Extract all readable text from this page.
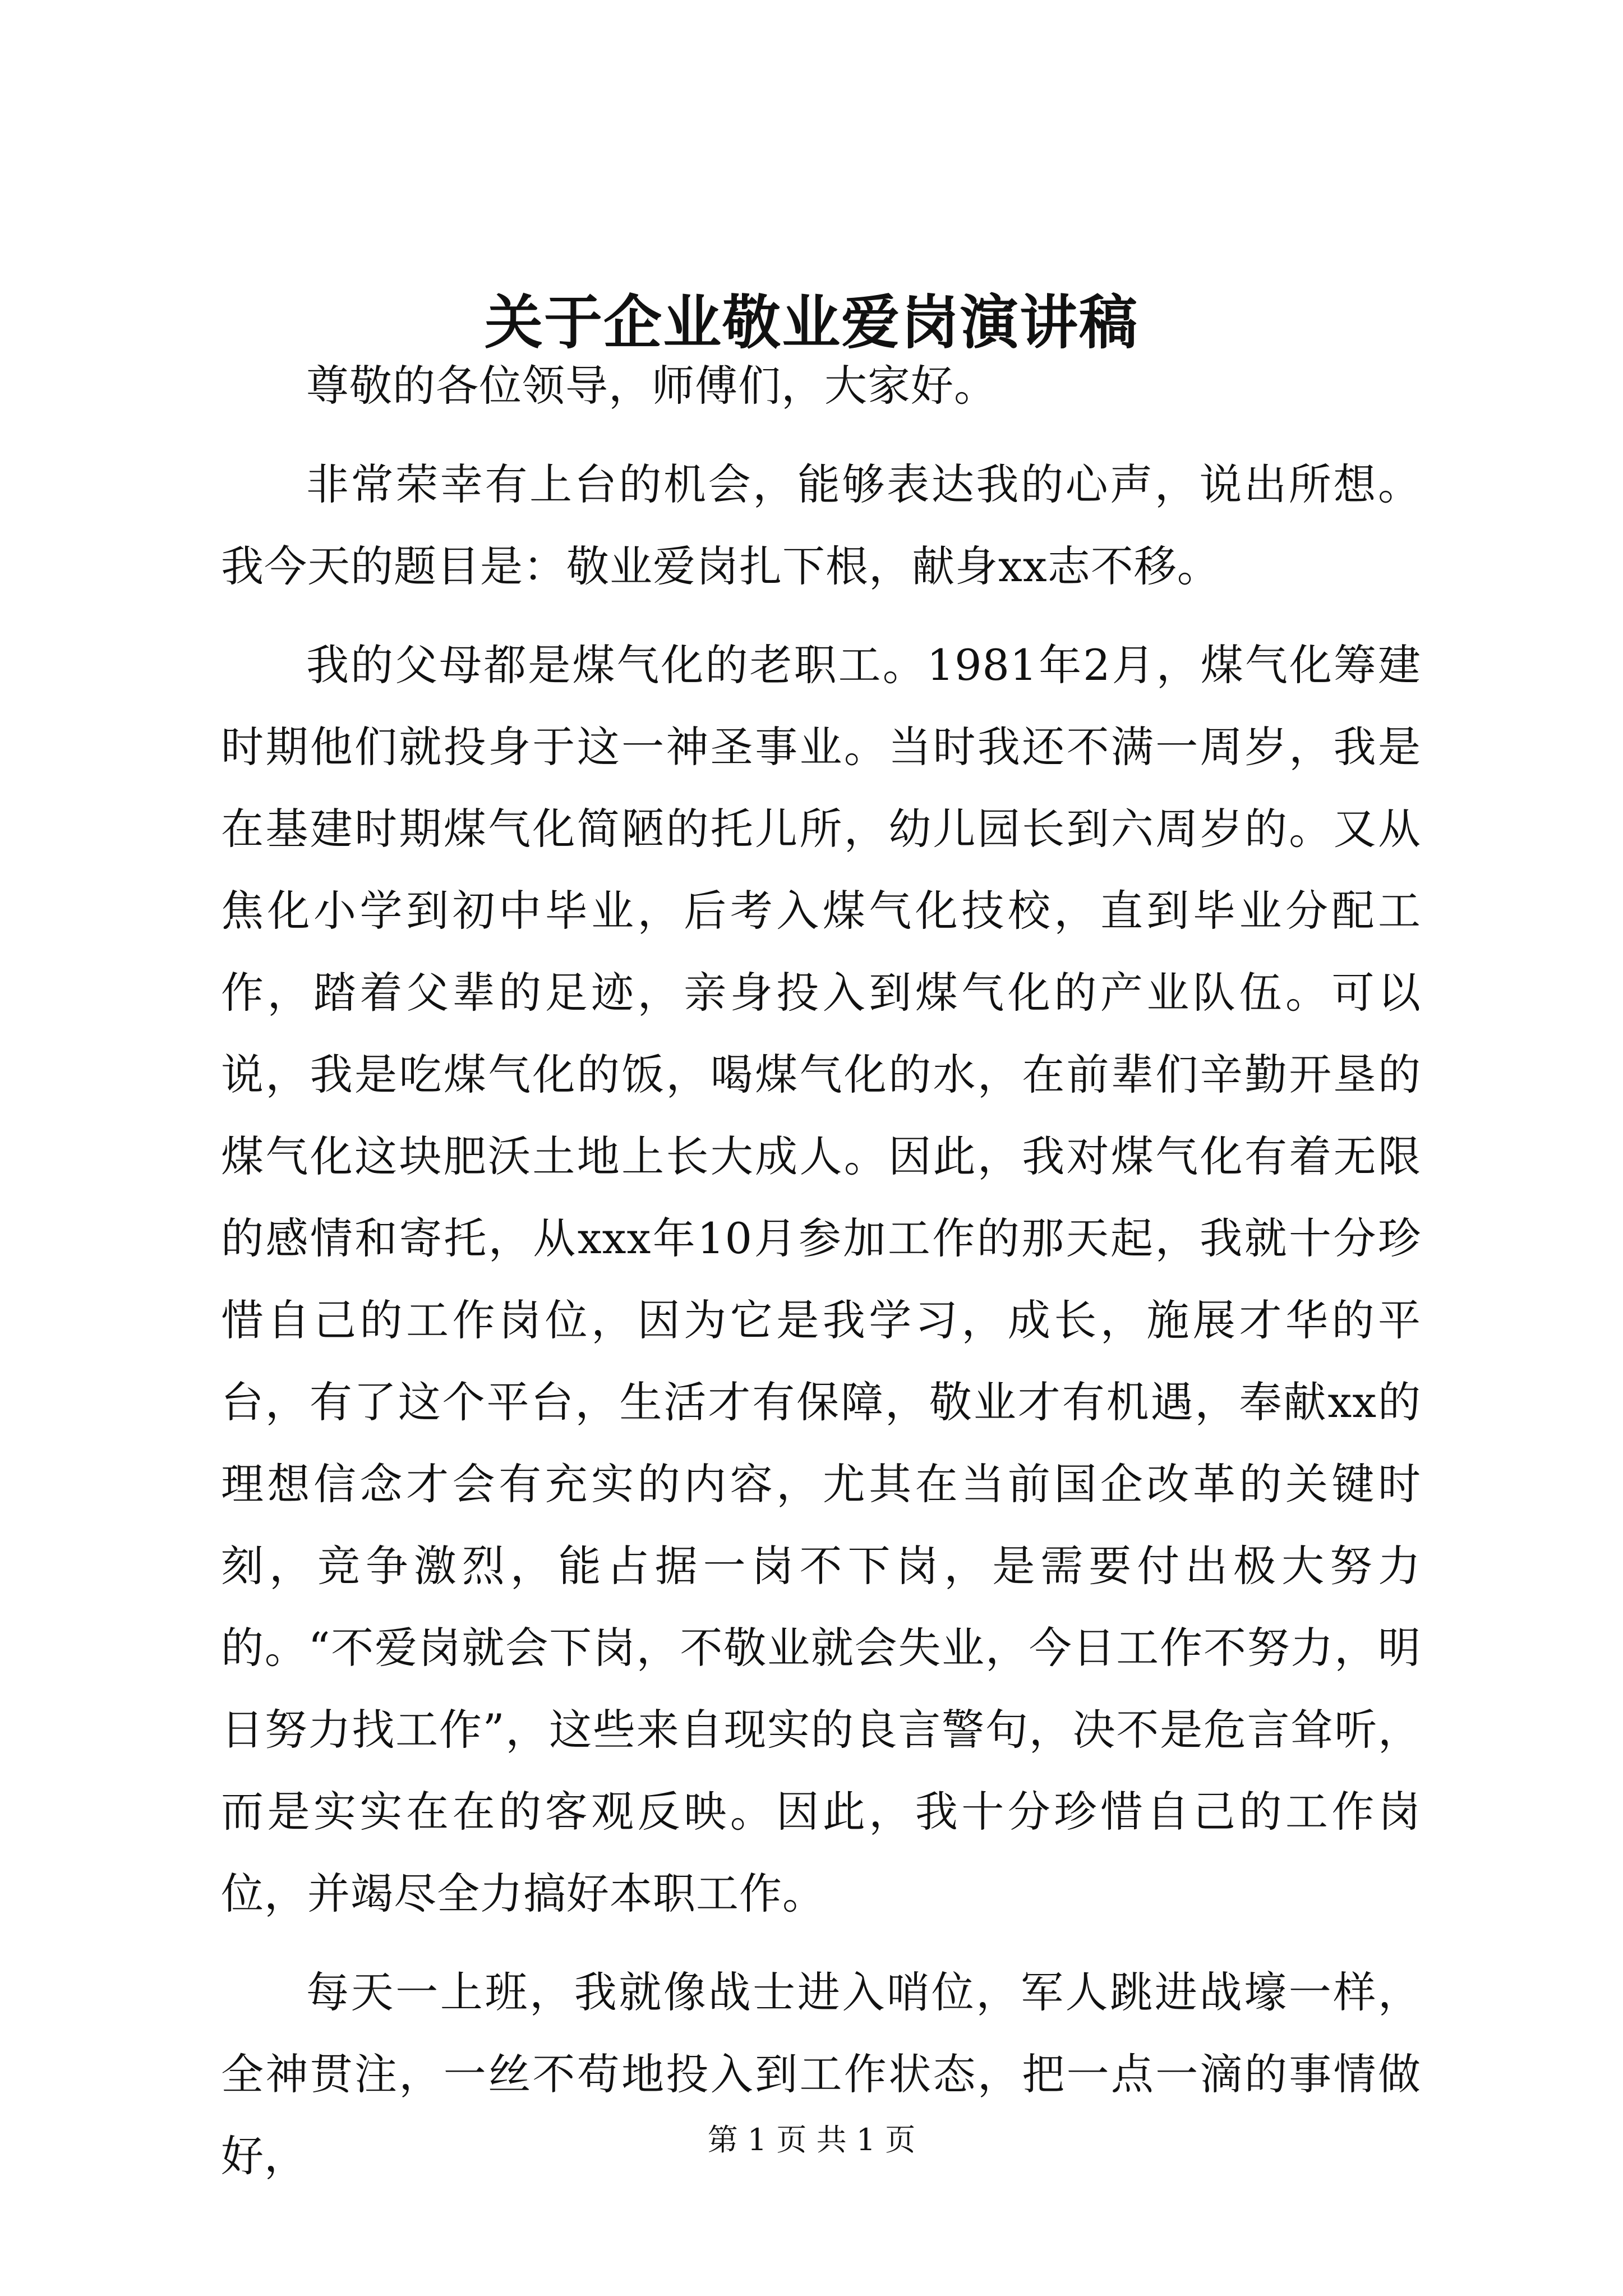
关于企业敬业爱岗演讲稿

尊敬的各位领导，师傅们，大家好。

非常荣幸有上台的机会，能够表达我的心声，说出所想。我今天的题目是：敬业爱岗扎下根，献身xx志不移。

我的父母都是煤气化的老职工。1981年2月，煤气化筹建时期他们就投身于这一神圣事业。当时我还不满一周岁，我是在基建时期煤气化简陋的托儿所，幼儿园长到六周岁的。又从焦化小学到初中毕业，后考入煤气化技校，直到毕业分配工作，踏着父辈的足迹，亲身投入到煤气化的产业队伍。可以说，我是吃煤气化的饭，喝煤气化的水，在前辈们辛勤开垦的煤气化这块肥沃土地上长大成人。因此，我对煤气化有着无限的感情和寄托，从xxx年10月参加工作的那天起，我就十分珍惜自己的工作岗位，因为它是我学习，成长，施展才华的平台，有了这个平台，生活才有保障，敬业才有机遇，奉献xx的理想信念才会有充实的内容，尤其在当前国企改革的关键时刻，竞争激烈，能占据一岗不下岗，是需要付出极大努力的。“不爱岗就会下岗，不敬业就会失业，今日工作不努力，明日努力找工作”，这些来自现实的良言警句，决不是危言耸听，而是实实在在的客观反映。因此，我十分珍惜自己的工作岗位，并竭尽全力搞好本职工作。

每天一上班，我就像战士进入哨位，军人跳进战壕一样，全神贯注，一丝不苟地投入到工作状态，把一点一滴的事情做好，	第 1 页 共 1 页
